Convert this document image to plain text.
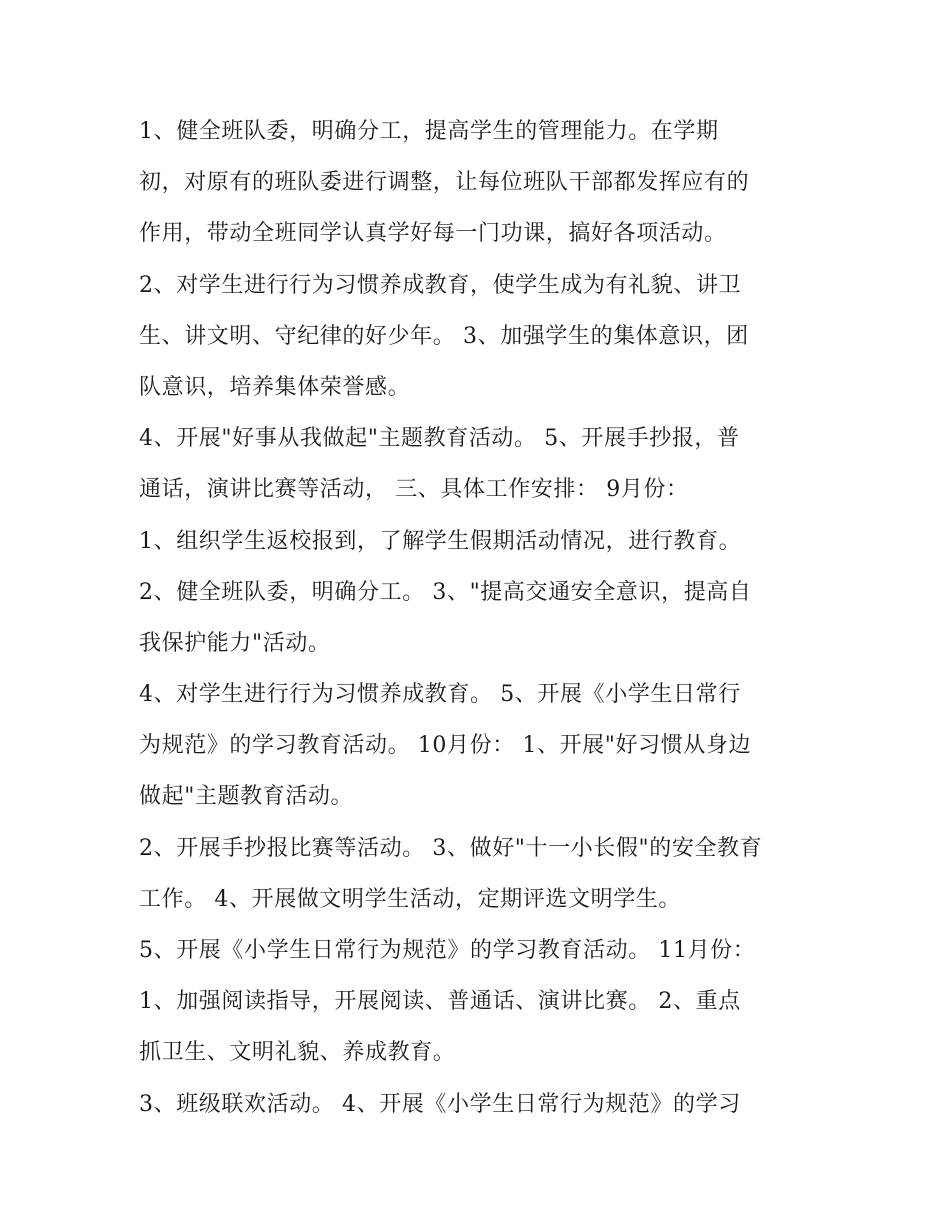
1、健全班队委，明确分工，提高学生的管理能力。在学期

初，对原有的班队委进行调整，让每位班队干部都发挥应有的

作用，带动全班同学认真学好每一门功课，搞好各项活动。

2、对学生进行行为习惯养成教育，使学生成为有礼貌、讲卫

生、讲文明、守纪律的好少年。 3、加强学生的集体意识，团

队意识，培养集体荣誉感。

4、开展"好事从我做起"主题教育活动。 5、开展手抄报，普

通话，演讲比赛等活动， 三、具体工作安排： 9月份：

1、组织学生返校报到，了解学生假期活动情况，进行教育。

2、健全班队委，明确分工。 3、"提高交通安全意识，提高自

我保护能力"活动。

4、对学生进行行为习惯养成教育。 5、开展《小学生日常行

为规范》的学习教育活动。 10月份： 1、开展"好习惯从身边

做起"主题教育活动。

2、开展手抄报比赛等活动。 3、做好"十一小长假"的安全教育

工作。 4、开展做文明学生活动，定期评选文明学生。

5、开展《小学生日常行为规范》的学习教育活动。 11月份：

1、加强阅读指导，开展阅读、普通话、演讲比赛。 2、重点

抓卫生、文明礼貌、养成教育。

3、班级联欢活动。 4、开展《小学生日常行为规范》的学习
